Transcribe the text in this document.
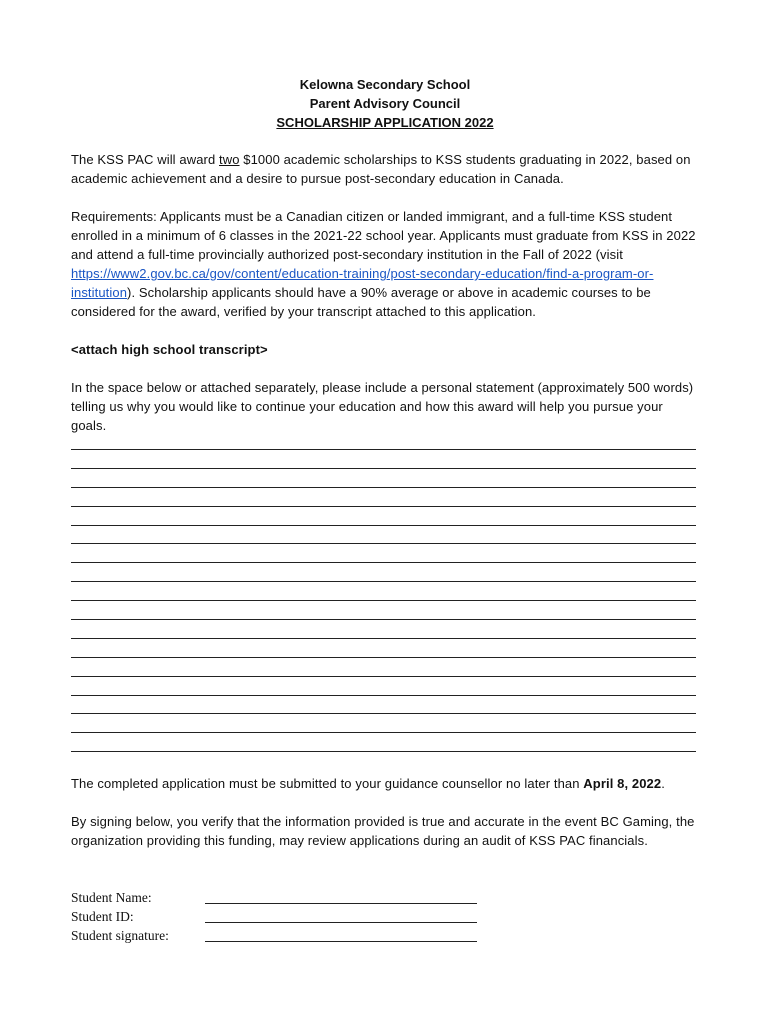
Kelowna Secondary School
Parent Advisory Council
SCHOLARSHIP APPLICATION 2022
The KSS PAC will award two $1000 academic scholarships to KSS students graduating in 2022, based on academic achievement and a desire to pursue post-secondary education in Canada.
Requirements: Applicants must be a Canadian citizen or landed immigrant, and a full-time KSS student enrolled in a minimum of 6 classes in the 2021-22 school year. Applicants must graduate from KSS in 2022 and attend a full-time provincially authorized post-secondary institution in the Fall of 2022 (visit https://www2.gov.bc.ca/gov/content/education-training/post-secondary-education/find-a-program-or-institution). Scholarship applicants should have a 90% average or above in academic courses to be considered for the award, verified by your transcript attached to this application.
<attach high school transcript>
In the space below or attached separately, please include a personal statement (approximately 500 words) telling us why you would like to continue your education and how this award will help you pursue your goals.
The completed application must be submitted to your guidance counsellor no later than April 8, 2022.
By signing below, you verify that the information provided is true and accurate in the event BC Gaming, the organization providing this funding, may review applications during an audit of KSS PAC financials.
Student Name:
Student ID:
Student signature:
